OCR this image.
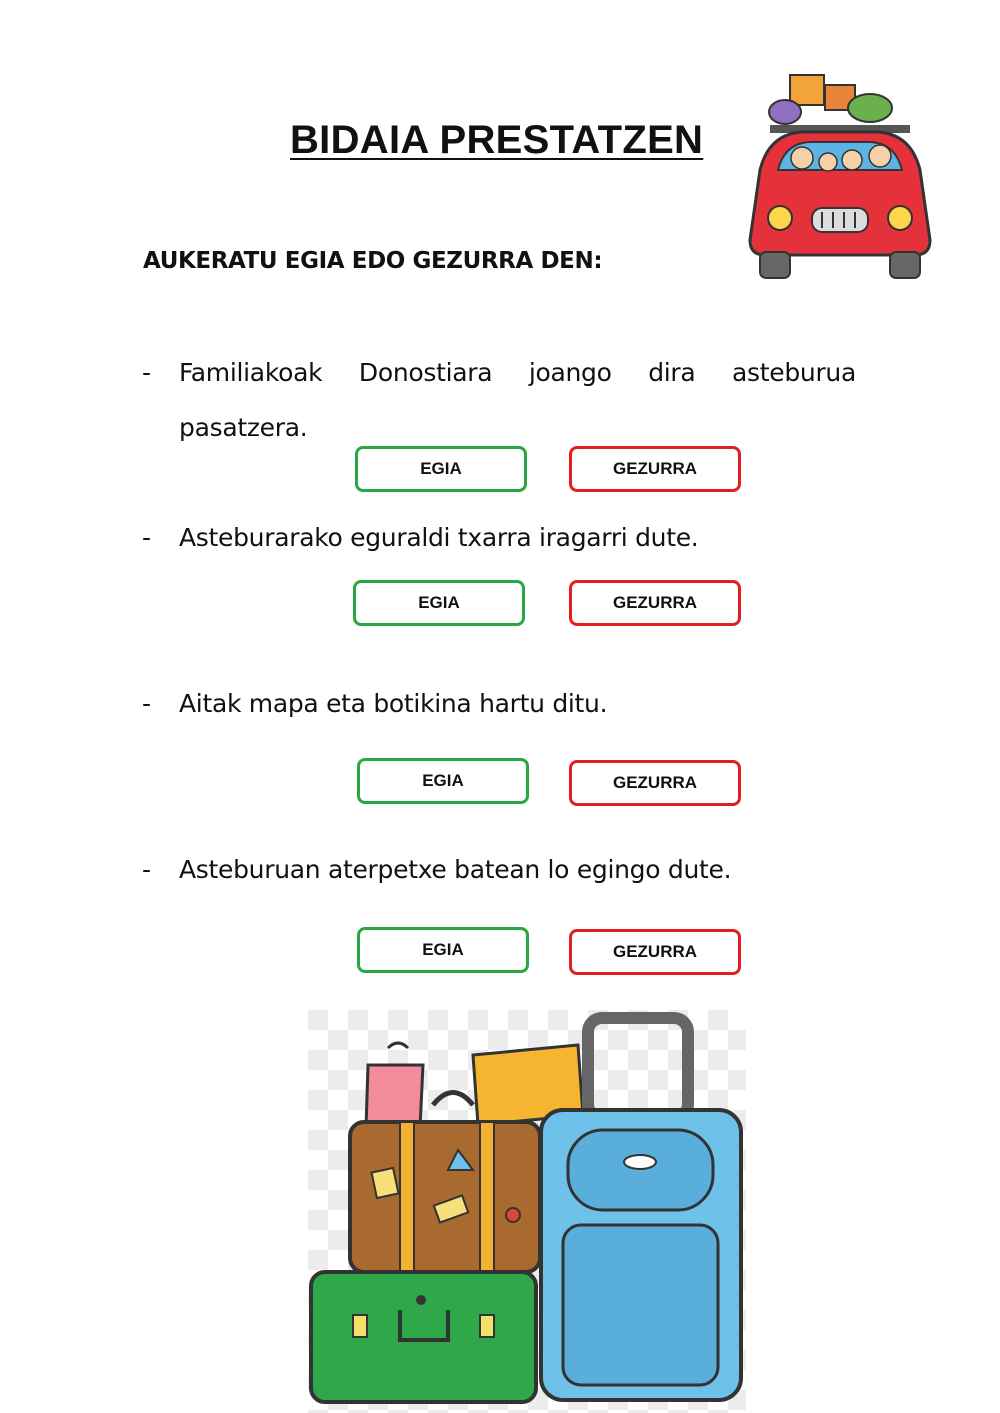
BIDAIA PRESTATZEN
AUKERATU EGIA EDO GEZURRA DEN:
- Familiakoak Donostiara joango dira asteburua
pasatzera.
EGIA	GEZURRA
- Asteburarako eguraldi txarra iragarri dute.
EGIA	GEZURRA
- Aitak mapa eta botikina hartu ditu.
EGIA	GEZURRA
- Asteburuan aterpetxe batean lo egingo dute.
EGIA	GEZURRA
